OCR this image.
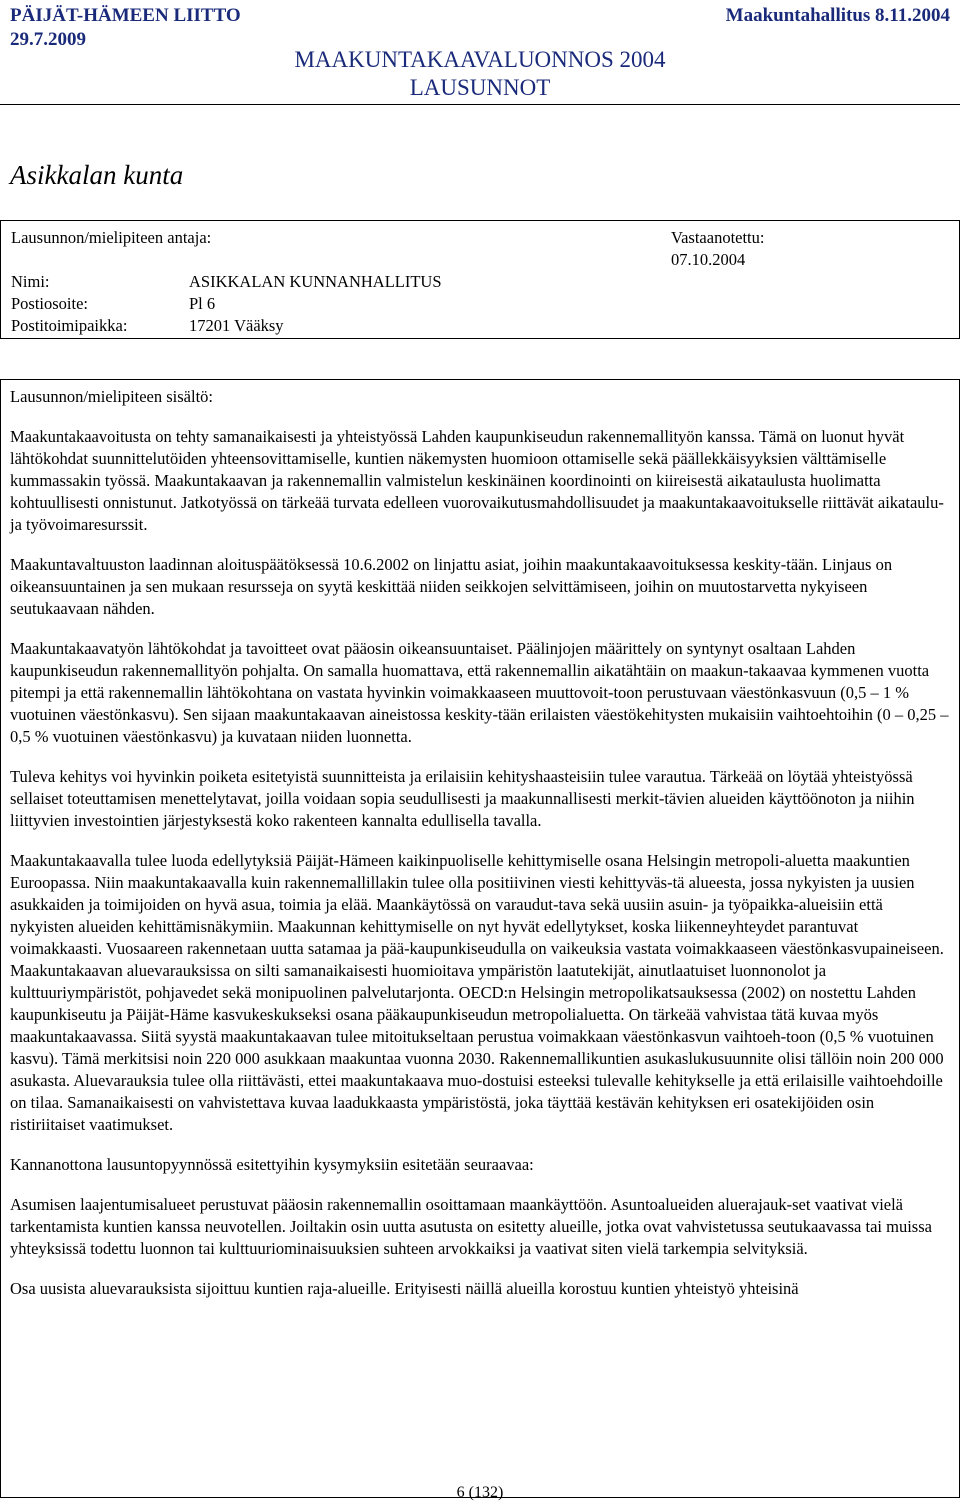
PÄIJÄT-HÄMEEN LIITTO
29.7.2009
Maakuntahallitus 8.11.2004
MAAKUNTAKAAVALUONNOS 2004
LAUSUNNOT
Asikkalan kunta
Lausunnon/mielipiteen antaja:	Vastaanotettu:
07.10.2004
Nimi:	ASIKKALAN KUNNANHALLITUS
Postiosoite:	Pl 6
Postitoimipaikka:	17201 Vääksy
Lausunnon/mielipiteen sisältö:

Maakuntakaavoitusta on tehty samanaikaisesti ja yhteistyössä Lahden kaupunkiseudun rakennemallityön kanssa. Tämä on luonut hyvät lähtökohdat suunnittelutöiden yhteensovittamiselle, kuntien näkemysten huomioon ottamiselle sekä päällekkäisyyksien välttämiselle kummassakin työssä. Maakuntakaavan ja rakennemallin valmistelun keskinäinen koordinointi on kiireisestä aikataulusta huolimatta kohtuullisesti onnistunut. Jatkotyössä on tärkeää turvata edelleen vuorovaikutusmahdollisuudet ja maakuntakaavoitukselle riittävät aikataulu- ja työvoimaresurssit.

Maakuntavaltuuston laadinnan aloituspäätöksessä 10.6.2002 on linjattu asiat, joihin maakuntakaavoituksessa keskity-tään. Linjaus on oikeansuuntainen ja sen mukaan resursseja on syytä keskittää niiden seikkojen selvittämiseen, joihin on muutostarvetta nykyiseen seutukaavaan nähden.

Maakuntakaavatyön lähtökohdat ja tavoitteet ovat pääosin oikeansuuntaiset. Päälinjojen määrittely on syntynyt osaltaan Lahden kaupunkiseudun rakennemallityön pohjalta. On samalla huomattava, että rakennemallin aikatähtäin on maakun-takaavaa kymmenen vuotta pitempi ja että rakennemallin lähtökohtana on vastata hyvinkin voimakkaaseen muuttovoit-toon perustuvaan väestönkasvuun (0,5 – 1 % vuotuinen väestönkasvu). Sen sijaan maakuntakaavan aineistossa keskity-tään erilaisten väestökehitysten mukaisiin vaihtoehtoihin (0 – 0,25 – 0,5 % vuotuinen väestönkasvu) ja kuvataan niiden luonnetta.

Tuleva kehitys voi hyvinkin poiketa esitetyistä suunnitteista ja erilaisiin kehityshaasteisiin tulee varautua. Tärkeää on löytää yhteistyössä sellaiset toteuttamisen menettelytavat, joilla voidaan sopia seudullisesti ja maakunnallisesti merkit-tävien alueiden käyttöönoton ja niihin liittyvien investointien järjestyksestä koko rakenteen kannalta edullisella tavalla.

Maakuntakaavalla tulee luoda edellytyksiä Päijät-Hämeen kaikinpuoliselle kehittymiselle osana Helsingin metropoli-aluetta maakuntien Euroopassa. Niin maakuntakaavalla kuin rakennemallillakin tulee olla positiivinen viesti kehittyväs-tä alueesta, jossa nykyisten ja uusien asukkaiden ja toimijoiden on hyvä asua, toimia ja elää. Maankäytössä on varaudut-tava sekä uusiin asuin- ja työpaikka-alueisiin että nykyisten alueiden kehittämisnäkymiin. Maakunnan kehittymiselle on nyt hyvät edellytykset, koska liikenneyhteydet parantuvat voimakkaasti. Vuosaareen rakennetaan uutta satamaa ja pää-kaupunkiseudulla on vaikeuksia vastata voimakkaaseen väestönkasvupaineiseen. Maakuntakaavan aluevarauksissa on silti samanaikaisesti huomioitava ympäristön laatutekijät, ainutlaatuiset luonnonolot ja kulttuuriympäristöt, pohjavedet sekä monipuolinen palvelutarjonta. OECD:n Helsingin metropolikatsauksessa (2002) on nostettu Lahden kaupunkiseutu ja Päijät-Häme kasvukeskukseksi osana pääkaupunkiseudun metropolialuetta. On tärkeää vahvistaa tätä kuvaa myös maakuntakaavassa. Siitä syystä maakuntakaavan tulee mitoitukseltaan perustua voimakkaan väestönkasvun vaihtoeh-toon (0,5 % vuotuinen kasvu). Tämä merkitsisi noin 220 000 asukkaan maakuntaa vuonna 2030. Rakennemallikuntien asukaslukusuunnite olisi tällöin noin 200 000 asukasta. Aluevarauksia tulee olla riittävästi, ettei maakuntakaava muo-dostuisi esteeksi tulevalle kehitykselle ja että erilaisille vaihtoehdoille on tilaa. Samanaikaisesti on vahvistettava kuvaa laadukkaasta ympäristöstä, joka täyttää kestävän kehityksen eri osatekijöiden osin ristiriitaiset vaatimukset.

Kannanottona lausuntopyynnössä esitettyihin kysymyksiin esitetään seuraavaa:

Asumisen laajentumisalueet perustuvat pääosin rakennemallin osoittamaan maankäyttöön. Asuntoalueiden aluerajauk-set vaativat vielä tarkentamista kuntien kanssa neuvotellen. Joiltakin osin uutta asutusta on esitetty alueille, jotka ovat vahvistetussa seutukaavassa tai muissa yhteyksissä todettu luonnon tai kulttuuriominaisuuksien suhteen arvokkaiksi ja vaativat siten vielä tarkempia selvityksiä.

Osa uusista aluevarauksista sijoittuu kuntien raja-alueille. Erityisesti näillä alueilla korostuu kuntien yhteistyö yhteisinä

6 (132)
